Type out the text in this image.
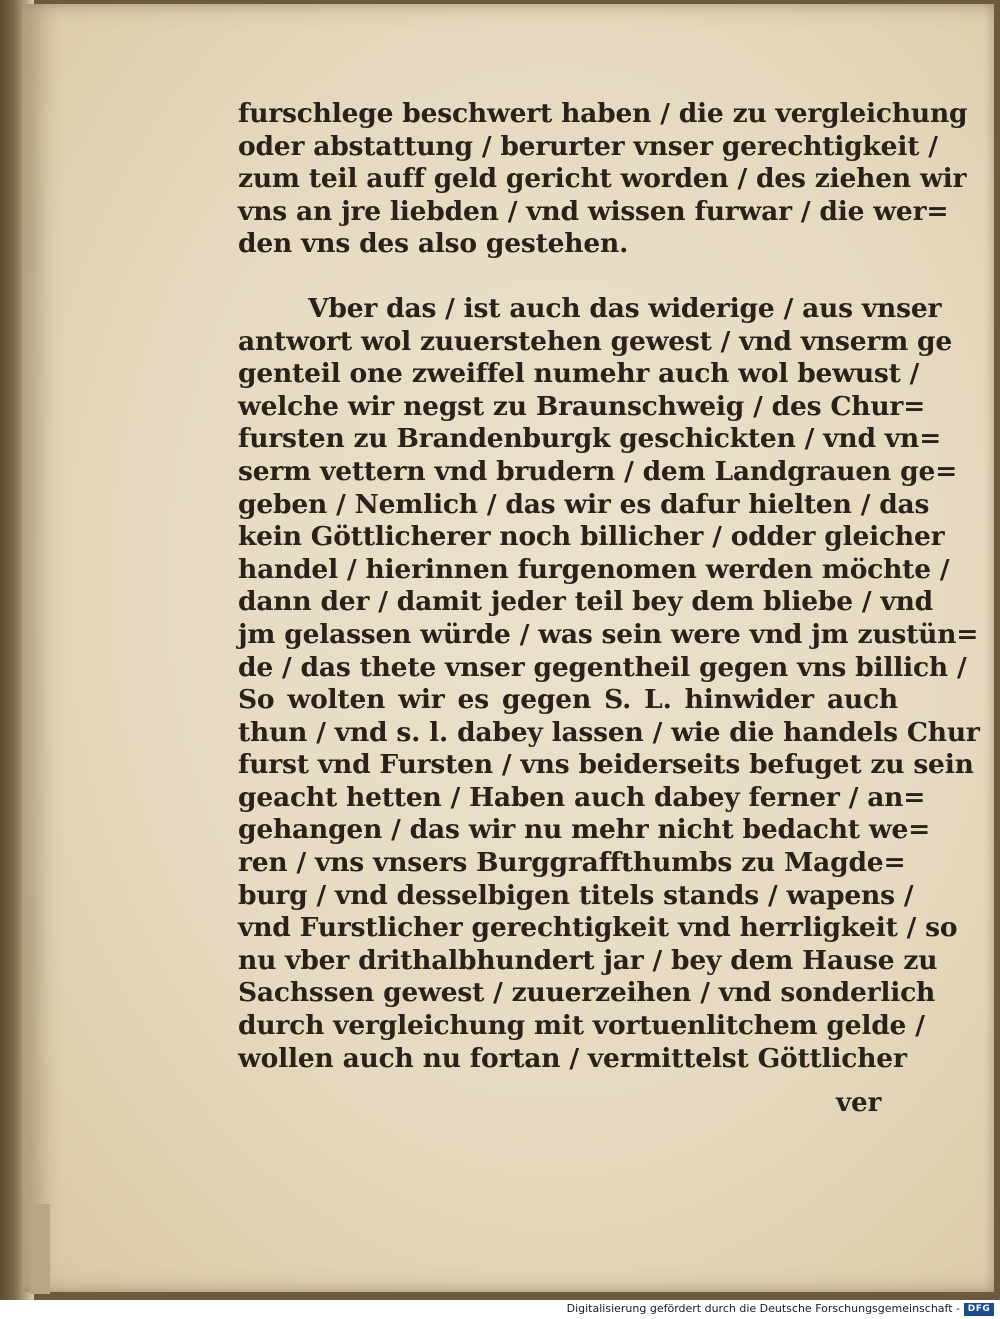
furschlege beschwert haben / die zu vergleichung
oder abstattung / berurter vnser gerechtigkeit /
zum teil auff geld gericht worden / des ziehen wir
vns an jre liebden / vnd wissen furwar / die wer=
den vns des also gestehen.
Vber das / ist auch das widerige / aus vnser
antwort wol zuuerstehen gewest / vnd vnserm ge
genteil one zweiffel numehr auch wol bewust /
welche wir negst zu Braunschweig / des Chur=
fursten zu Brandenburgk geschickten / vnd vn=
serm vettern vnd brudern / dem Landgrauen ge=
geben / Nemlich / das wir es dafur hielten / das
kein Göttlicherer noch billicher / odder gleicher
handel / hierinnen furgenomen werden möchte /
dann der / damit jeder teil bey dem bliebe / vnd
jm gelassen würde / was sein were vnd jm zustün=
de / das thete vnser gegentheil gegen vns billich /
So wolten wir es gegen S. L. hinwider auch
thun / vnd s. l. dabey lassen / wie die handels Chur
furst vnd Fursten / vns beiderseits befuget zu sein
geacht hetten / Haben auch dabey ferner / an=
gehangen / das wir nu mehr nicht bedacht we=
ren / vns vnsers Burggraffthumbs zu Magde=
burg / vnd desselbigen titels stands / wapens /
vnd Furstlicher gerechtigkeit vnd herrligkeit / so
nu vber drithalbhundert jar / bey dem Hause zu
Sachssen gewest / zuuerzeihen / vnd sonderlich
durch vergleichung mit vortuenlitchem gelde /
wollen auch nu fortan / vermittelst Göttlicher
ver
Digitalisierung gefördert durch die Deutsche Forschungsgemeinschaft - DFG
